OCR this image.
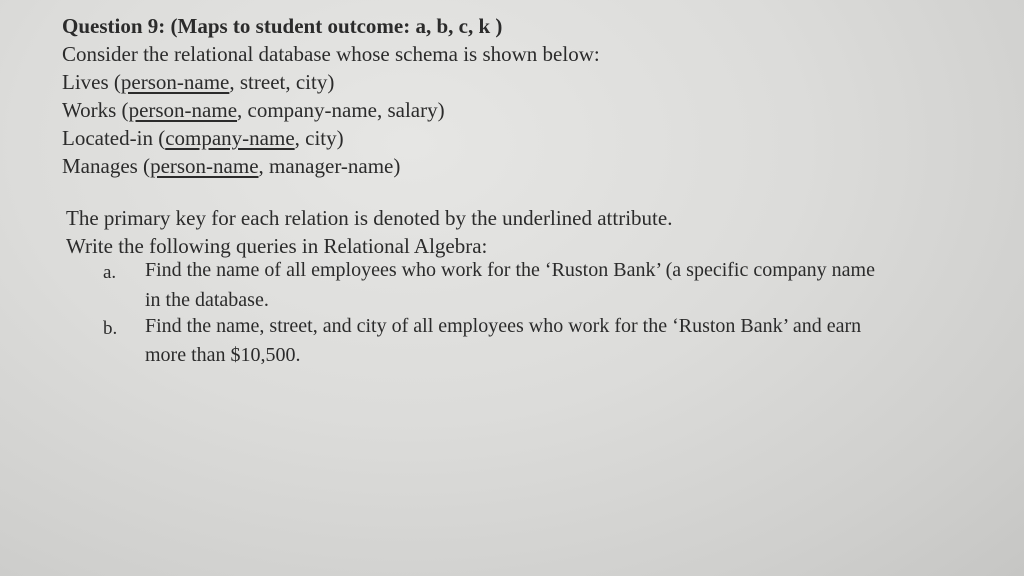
Question 9: (Maps to student outcome: a, b, c, k )
Consider the relational database whose schema is shown below:
Lives (person-name, street, city)
Works (person-name, company-name, salary)
Located-in (company-name, city)
Manages (person-name, manager-name)
The primary key for each relation is denoted by the underlined attribute.
Write the following queries in Relational Algebra:
a. Find the name of all employees who work for the ‘Ruston Bank’ (a specific company name
in the database.
b. Find the name, street, and city of all employees who work for the ‘Ruston Bank’ and earn
more than $10,500.
